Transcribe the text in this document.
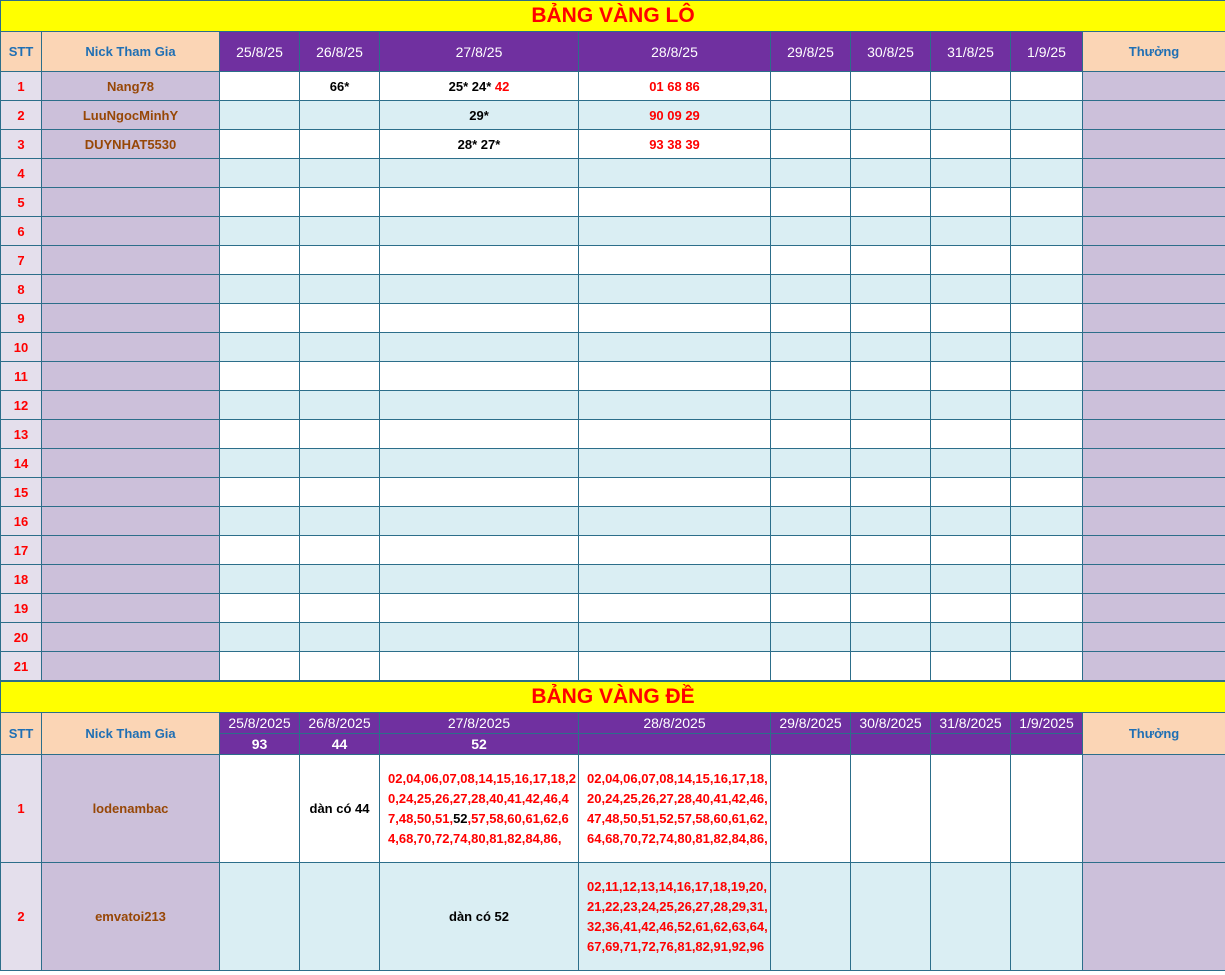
BẢNG VÀNG LÔ										
STT	Nick Tham Gia	25/8/25	26/8/25	27/8/25	28/8/25	29/8/25	30/8/25	31/8/25	1/9/25	Thưởng
1	Nang78		66*	25* 24* 42	01 68 86					
2	LuuNgocMinhY			29*	90 09 29					
3	DUYNHAT5530			28* 27*	93 38 39					
4										
5										
6										
7										
8										
9										
10										
11										
12										
13										
14										
15										
16										
17										
18										
19										
20										
21										
BẢNG VÀNG ĐỀ										
STT	Nick Tham Gia	25/8/2025	26/8/2025	27/8/2025	28/8/2025	29/8/2025	30/8/2025	31/8/2025	1/9/2025	Thưởng
		93	44	52						
1	lodenambac		dàn có 44	02,04,06,07,08,14,15,16,17,18,20,24,25,26,27,28,40,41,42,46,47,48,50,51,52,57,58,60,61,62,64,68,70,72,74,80,81,82,84,86,	02,04,06,07,08,14,15,16,17,18,20,24,25,26,27,28,40,41,42,46,47,48,50,51,52,57,58,60,61,62,64,68,70,72,74,80,81,82,84,86,					
2	emvatoi213			dàn có 52	02,11,12,13,14,16,17,18,19,20,21,22,23,24,25,26,27,28,29,31,32,36,41,42,46,52,61,62,63,64,67,69,71,72,76,81,82,91,92,96					
